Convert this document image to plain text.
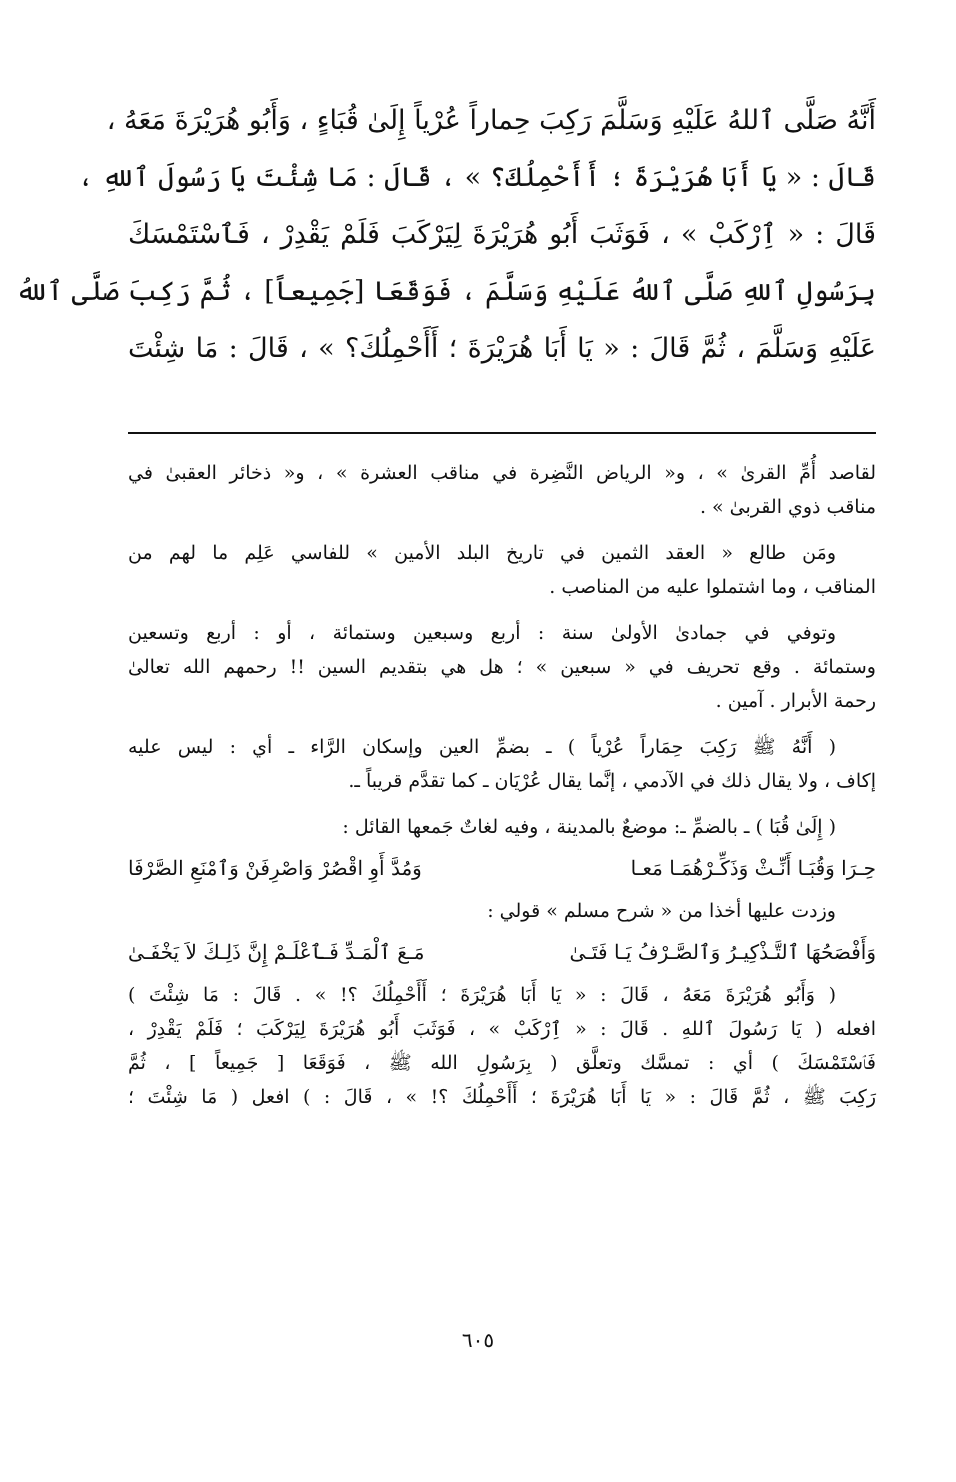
أَنَّهُ صَلَّى ٱللهُ عَلَيْهِ وَسَلَّمَ رَكِبَ حِماراً عُرْياً إِلَىٰ قُبَاءٍ ، وَأَبُو هُرَيْرَةَ مَعَهُ ،
قَالَ : « يَا أَبَا هُرَيْرَةَ ؛ أَأَحْمِلُكَ؟ » ، قَالَ : مَا شِئْتَ يَا رَسُولَ ٱللهِ ،
قَالَ : « ٱِرْكَبْ » ، فَوَثَبَ أَبُو هُرَيْرَةَ لِيَرْكَبَ فَلَمْ يَقْدِرْ ، فَٱسْتَمْسَكَ
بِرَسُولِ ٱللهِ صَلَّى ٱللهُ عَلَيْهِ وَسَلَّمَ ، فَوَقَعَا [جَمِيعاً] ، ثُمَّ رَكِبَ صَلَّى ٱللهُ
عَلَيْهِ وَسَلَّمَ ، ثُمَّ قَالَ : « يَا أَبَا هُرَيْرَةَ ؛ أَأَحْمِلُكَ؟ » ، قَالَ : مَا شِئْتَ
لقاصد أُمِّ القرىٰ » ، و« الرياض النَّضِرة في مناقب العشرة » ، و« ذخائر العقبىٰ في
مناقب ذوي القربىٰ » .
ومَن طالع « العقد الثمين في تاريخ البلد الأمين » للفاسي عَلِم ما لهم من
المناقب ، وما اشتملوا عليه من المناصب .
وتوفي في جمادىٰ الأولىٰ سنة : أربع وسبعين وستمائة ، أو : أربع وتسعين
وستمائة . وقع تحريف في « سبعين » ؛ هل هي بتقديم السين !! رحمهم الله تعالىٰ
رحمة الأبرار . آمين .
( أَنَّهُ ﷺ رَكِبَ حِمَاراً عُرْياً ) ـ بضمِّ العين وإسكان الرَّاء ـ أي : ليس عليه
إكاف ، ولا يقال ذلك في الآدمي ، إنَّما يقال عُرْيَان ـ كما تقدَّم قريباً ـ.
( إِلَىٰ قُبَا ) ـ بالضمِّ ـ: موضعٌ بالمدينة ، وفيه لغاتٌ جَمعها القائل :
حِـرَا وَقُبَـا أَنِّـثْ وَذَكِّـرْهُمَـا مَعـا
وَمُدَّ أَوِ اقْصُرْ وَاصْرِفَنْ وَٱمْنَعِ الصَّرْفَا
وزدت عليها أخذا من « شرح مسلم » قولي :
وَأَفْصَحُهَا ٱلتَّـذْكِيـرُ وَٱلصَّـرْفُ يَـا فَتَـىٰ
مَـعَ ٱلْمَـدِّ فَـٱعْلَـمْ إِنَّ ذَلِـكَ لاَ يَخْفَـىٰ
( وَأَبُو هُرَيْرَةَ مَعَهُ ، قَالَ : « يَا أَبَا هُرَيْرَةَ ؛ أَأَحْمِلُكَ ؟! » . قَالَ : مَا شِئْتَ )
افعله ( يَا رَسُولَ ٱللهِ . قَالَ : « ٱِرْكَبْ » ، فَوَثَبَ أَبُو هُرَيْرَةَ لِيَرْكَبَ ؛ فَلَمْ يَقْدِرْ ،
فَٱسْتَمْسَكَ ) أي : تمسَّك وتعلَّق ( بِرَسُولِ الله ﷺ ، فَوَقَعَا [ جَمِيعاً ] ، ثُمَّ
رَكِبَ ﷺ ، ثُمَّ قَالَ : « يَا أَبَا هُرَيْرَةَ ؛ أَأَحْمِلُكَ ؟! » ، قَالَ : ) افعل ( مَا شِئْتَ ؛
٦٠٥
